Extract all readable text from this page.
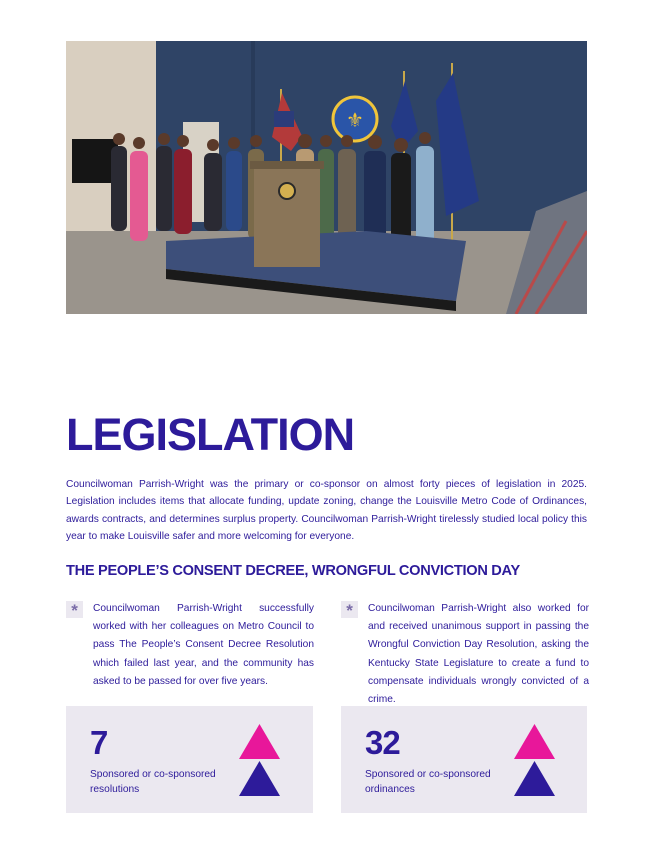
⚜
LEGISLATION

Councilwoman Parrish-Wright was the primary or co-sponsor on almost forty pieces of legislation in 2025. Legislation includes items that allocate funding, update zoning, change the Louisville Metro Code of Ordinances, awards contracts, and determines surplus property. Councilwoman Parrish-Wright tirelessly studied local policy this year to make Louisville safer and more welcoming for everyone.

THE PEOPLE’S CONSENT DECREE, WRONGFUL CONVICTION DAY
*	Councilwoman Parrish-Wright successfully worked with her colleagues on Metro Council to pass The People’s Consent Decree Resolution which failed last year, and the community has asked to be passed for over five years.

*	Councilwoman Parrish-Wright also worked for and received unanimous support in passing the Wrongful Conviction Day Resolution, asking the Kentucky State Legislature to create a fund to compensate individuals wrongly convicted of a crime.

7
Sponsored or co-sponsored resolutions
32
Sponsored or co-sponsored ordinances
